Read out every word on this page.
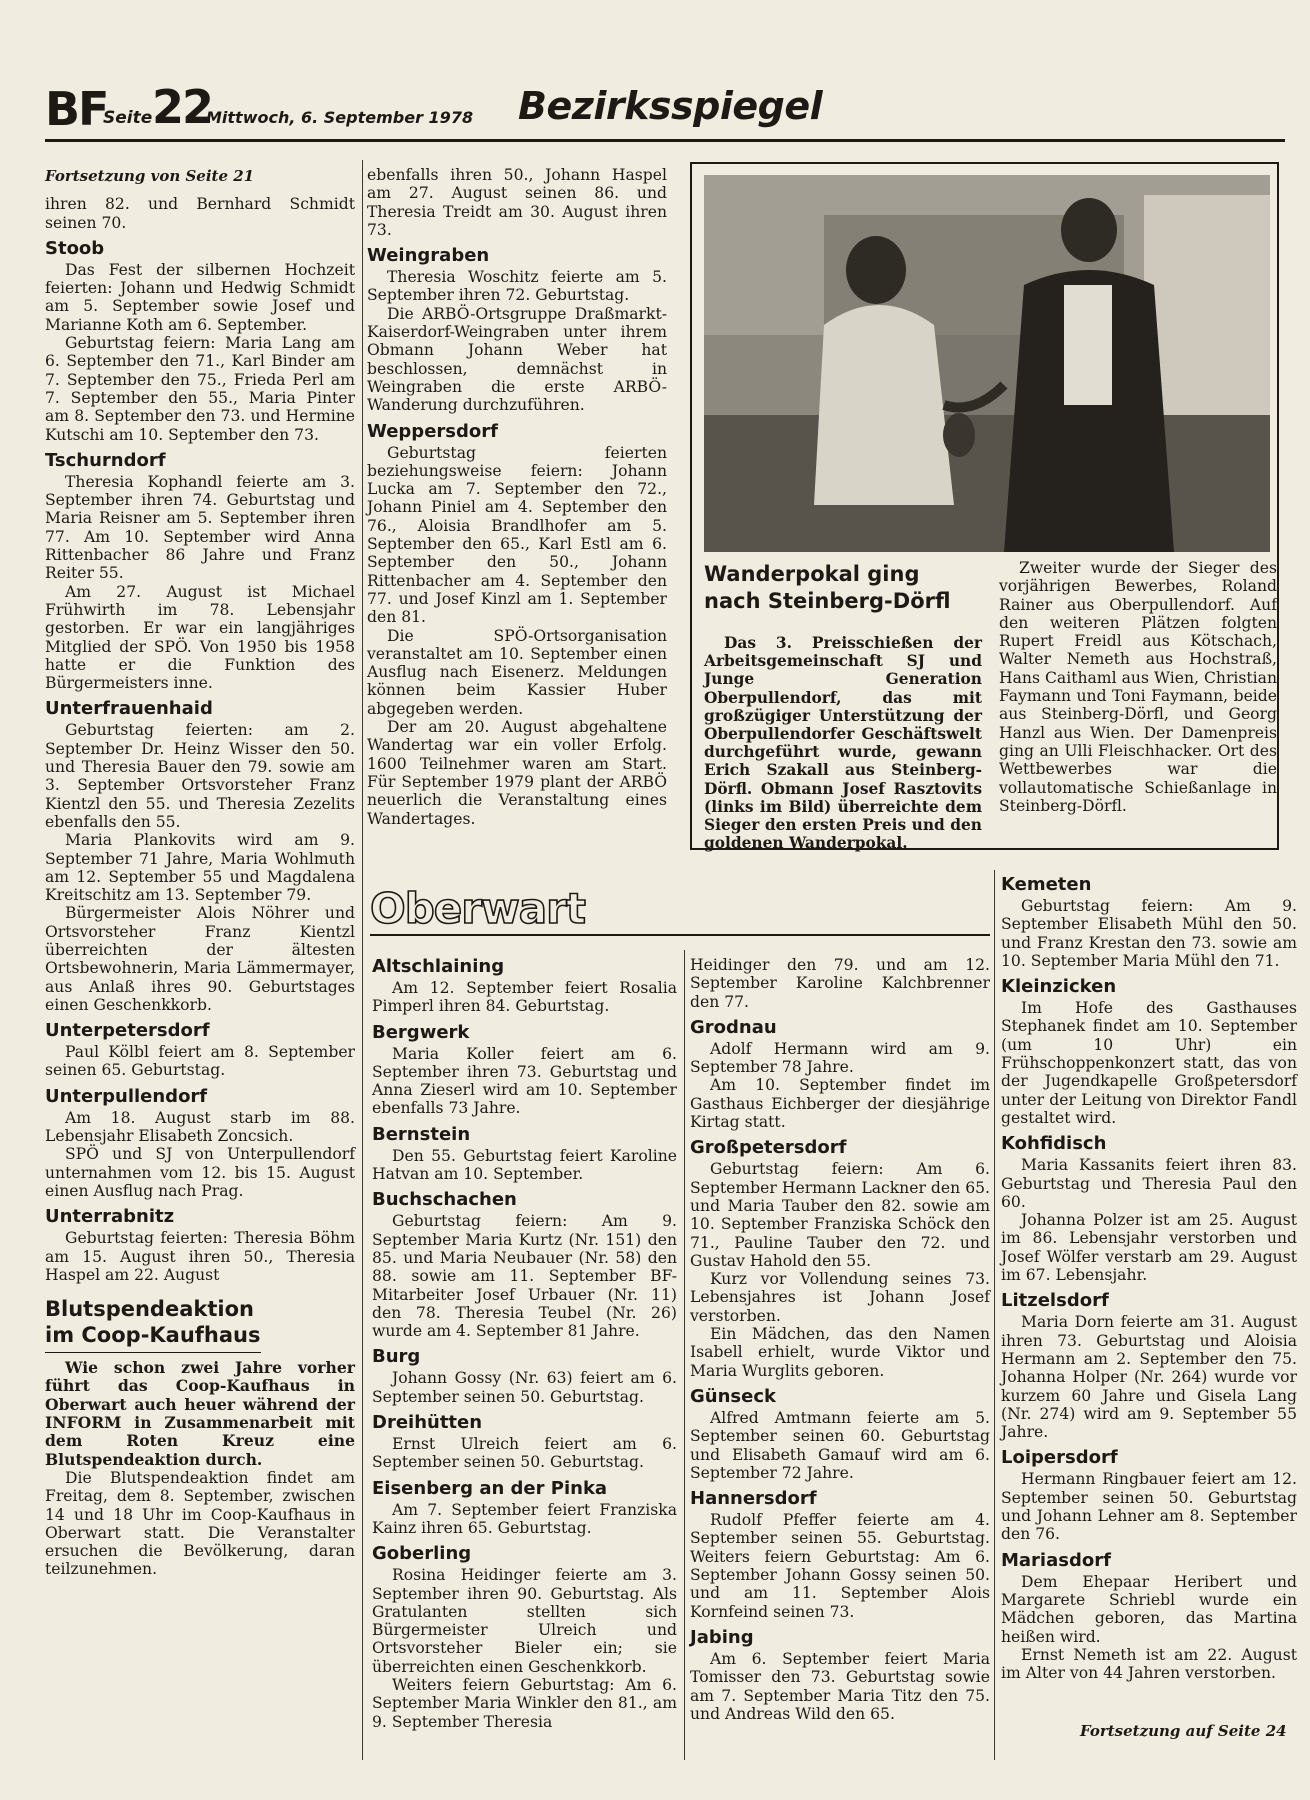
BF
Seite 22
Mittwoch, 6. September 1978 Bezirksspiegel
Fortsetzung von Seite 21

ihren 82. und Bernhard Schmidt seinen 70.

Stoob

Das Fest der silbernen Hochzeit feierten: Johann und Hedwig Schmidt am 5. September sowie Josef und Marianne Koth am 6. September.

Geburtstag feiern: Maria Lang am 6. September den 71., Karl Binder am 7. September den 75., Frieda Perl am 7. September den 55., Maria Pinter am 8. September den 73. und Hermine Kutschi am 10. September den 73.

Tschurndorf

Theresia Kophandl feierte am 3. September ihren 74. Geburtstag und Maria Reisner am 5. September ihren 77. Am 10. September wird Anna Rittenbacher 86 Jahre und Franz Reiter 55.

Am 27. August ist Michael Frühwirth im 78. Lebensjahr gestorben. Er war ein langjähriges Mitglied der SPÖ. Von 1950 bis 1958 hatte er die Funktion des Bürgermeisters inne.

Unterfrauenhaid

Geburtstag feierten: am 2. September Dr. Heinz Wisser den 50. und Theresia Bauer den 79. sowie am 3. September Ortsvorsteher Franz Kientzl den 55. und Theresia Zezelits ebenfalls den 55.

Maria Plankovits wird am 9. September 71 Jahre, Maria Wohlmuth am 12. September 55 und Magdalena Kreitschitz am 13. September 79.

Bürgermeister Alois Nöhrer und Ortsvorsteher Franz Kientzl überreichten der ältesten Ortsbewohnerin, Maria Lämmermayer, aus Anlaß ihres 90. Geburtstages einen Geschenkkorb.

Unterpetersdorf

Paul Kölbl feiert am 8. September seinen 65. Geburtstag.

Unterpullendorf

Am 18. August starb im 88. Lebensjahr Elisabeth Zoncsich.

SPÖ und SJ von Unterpullendorf unternahmen vom 12. bis 15. August einen Ausflug nach Prag.

Unterrabnitz

Geburtstag feierten: Theresia Böhm am 15. August ihren 50., Theresia Haspel am 22. August

Blutspendeaktion
im Coop-Kaufhaus

Wie schon zwei Jahre vorher führt das Coop-Kaufhaus in Oberwart auch heuer während der INFORM in Zusammenarbeit mit dem Roten Kreuz eine Blutspendeaktion durch.

Die Blutspendeaktion findet am Freitag, dem 8. September, zwischen 14 und 18 Uhr im Coop-Kaufhaus in Oberwart statt. Die Veranstalter ersuchen die Bevölkerung, daran teilzunehmen.

ebenfalls ihren 50., Johann Haspel am 27. August seinen 86. und Theresia Treidt am 30. August ihren 73.

Weingraben

Theresia Woschitz feierte am 5. September ihren 72. Geburtstag.

Die ARBÖ-Ortsgruppe Draßmarkt-Kaiserdorf-Weingraben unter ihrem Obmann Johann Weber hat beschlossen, demnächst in Weingraben die erste ARBÖ-Wanderung durchzuführen.

Weppersdorf

Geburtstag feierten beziehungsweise feiern: Johann Lucka am 7. September den 72., Johann Piniel am 4. September den 76., Aloisia Brandlhofer am 5. September den 65., Karl Estl am 6. September den 50., Johann Rittenbacher am 4. September den 77. und Josef Kinzl am 1. September den 81.

Die SPÖ-Ortsorganisation veranstaltet am 10. September einen Ausflug nach Eisenerz. Meldungen können beim Kassier Huber abgegeben werden.

Der am 20. August abgehaltene Wandertag war ein voller Erfolg. 1600 Teilnehmer waren am Start. Für September 1979 plant der ARBÖ neuerlich die Veranstaltung eines Wandertages.

Wanderpokal ging
nach Steinberg-Dörfl
Das 3. Preisschießen der Arbeitsgemeinschaft SJ und Junge Generation Oberpullendorf, das mit großzügiger Unterstützung der Oberpullendorfer Geschäftswelt durchgeführt wurde, gewann Erich Szakall aus Steinberg-Dörfl. Obmann Josef Rasztovits (links im Bild) überreichte dem Sieger den ersten Preis und den goldenen Wanderpokal.
Zweiter wurde der Sieger des vorjährigen Bewerbes, Roland Rainer aus Oberpullendorf. Auf den weiteren Plätzen folgten Rupert Freidl aus Kötschach, Walter Nemeth aus Hochstraß, Hans Caithaml aus Wien, Christian Faymann und Toni Faymann, beide aus Steinberg-Dörfl, und Georg Hanzl aus Wien. Der Damenpreis ging an Ulli Fleischhacker. Ort des Wettbewerbes war die vollautomatische Schießanlage in Steinberg-Dörfl.
Oberwart
Altschlaining

Am 12. September feiert Rosalia Pimperl ihren 84. Geburtstag.

Bergwerk

Maria Koller feiert am 6. September ihren 73. Geburtstag und Anna Zieserl wird am 10. September ebenfalls 73 Jahre.

Bernstein

Den 55. Geburtstag feiert Karoline Hatvan am 10. September.

Buchschachen

Geburtstag feiern: Am 9. September Maria Kurtz (Nr. 151) den 85. und Maria Neubauer (Nr. 58) den 88. sowie am 11. September BF-Mitarbeiter Josef Urbauer (Nr. 11) den 78. Theresia Teubel (Nr. 26) wurde am 4. September 81 Jahre.

Burg

Johann Gossy (Nr. 63) feiert am 6. September seinen 50. Geburtstag.

Dreihütten

Ernst Ulreich feiert am 6. September seinen 50. Geburtstag.

Eisenberg an der Pinka

Am 7. September feiert Franziska Kainz ihren 65. Geburtstag.

Goberling

Rosina Heidinger feierte am 3. September ihren 90. Geburtstag. Als Gratulanten stellten sich Bürgermeister Ulreich und Ortsvorsteher Bieler ein; sie überreichten einen Geschenkkorb.

Weiters feiern Geburtstag: Am 6. September Maria Winkler den 81., am 9. September Theresia

Heidinger den 79. und am 12. September Karoline Kalchbrenner den 77.

Grodnau

Adolf Hermann wird am 9. September 78 Jahre.

Am 10. September findet im Gasthaus Eichberger der diesjährige Kirtag statt.

Großpetersdorf

Geburtstag feiern: Am 6. September Hermann Lackner den 65. und Maria Tauber den 82. sowie am 10. September Franziska Schöck den 71., Pauline Tauber den 72. und Gustav Hahold den 55.

Kurz vor Vollendung seines 73. Lebensjahres ist Johann Josef verstorben.

Ein Mädchen, das den Namen Isabell erhielt, wurde Viktor und Maria Wurglits geboren.

Günseck

Alfred Amtmann feierte am 5. September seinen 60. Geburtstag und Elisabeth Gamauf wird am 6. September 72 Jahre.

Hannersdorf

Rudolf Pfeffer feierte am 4. September seinen 55. Geburtstag. Weiters feiern Geburtstag: Am 6. September Johann Gossy seinen 50. und am 11. September Alois Kornfeind seinen 73.

Jabing

Am 6. September feiert Maria Tomisser den 73. Geburtstag sowie am 7. September Maria Titz den 75. und Andreas Wild den 65.

Kemeten

Geburtstag feiern: Am 9. September Elisabeth Mühl den 50. und Franz Krestan den 73. sowie am 10. September Maria Mühl den 71.

Kleinzicken

Im Hofe des Gasthauses Stephanek findet am 10. September (um 10 Uhr) ein Frühschoppenkonzert statt, das von der Jugendkapelle Großpetersdorf unter der Leitung von Direktor Fandl gestaltet wird.

Kohfidisch

Maria Kassanits feiert ihren 83. Geburtstag und Theresia Paul den 60.

Johanna Polzer ist am 25. August im 86. Lebensjahr verstorben und Josef Wölfer verstarb am 29. August im 67. Lebensjahr.

Litzelsdorf

Maria Dorn feierte am 31. August ihren 73. Geburtstag und Aloisia Hermann am 2. September den 75. Johanna Holper (Nr. 264) wurde vor kurzem 60 Jahre und Gisela Lang (Nr. 274) wird am 9. September 55 Jahre.

Loipersdorf

Hermann Ringbauer feiert am 12. September seinen 50. Geburtstag und Johann Lehner am 8. September den 76.

Mariasdorf

Dem Ehepaar Heribert und Margarete Schriebl wurde ein Mädchen geboren, das Martina heißen wird.

Ernst Nemeth ist am 22. August im Alter von 44 Jahren verstorben.

Fortsetzung auf Seite 24
